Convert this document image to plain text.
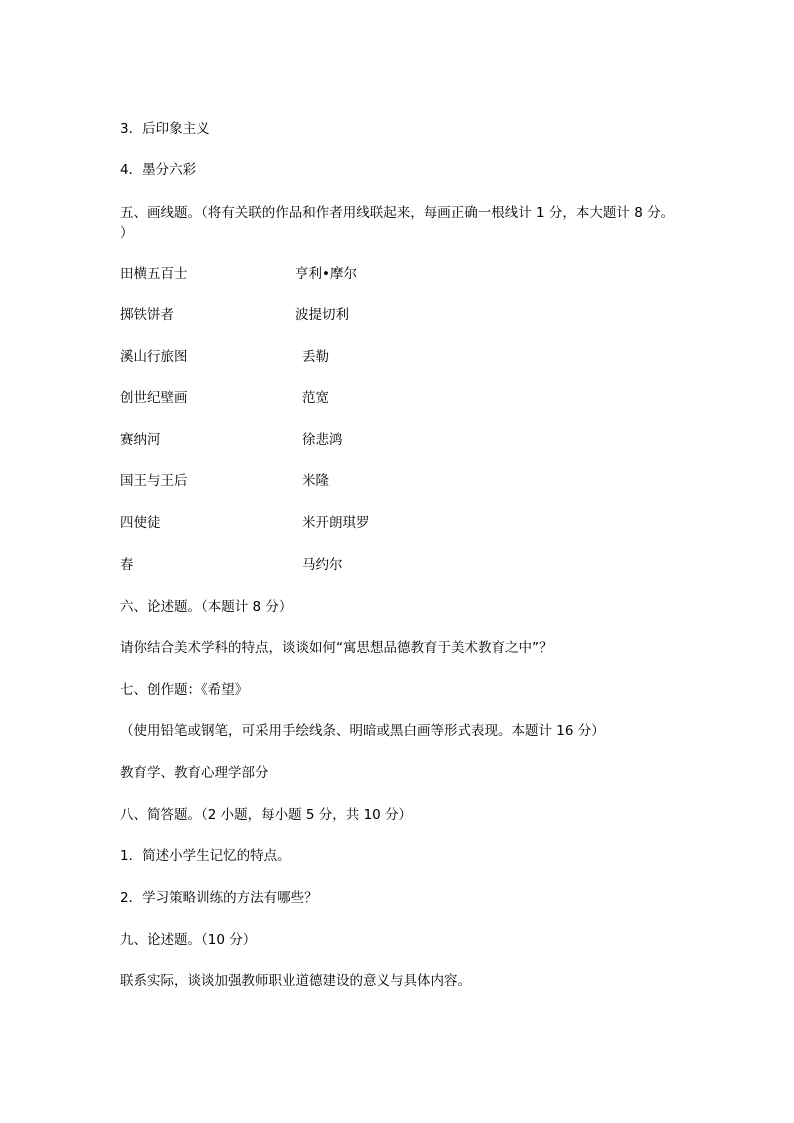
3．后印象主义
4．墨分六彩
五、画线题。（将有关联的作品和作者用线联起来，每画正确一根线计 1 分，本大题计 8 分。
）
田横五百士	亨利•摩尔
掷铁饼者	波提切利
溪山行旅图	丢勒
创世纪壁画	范宽
赛纳河	徐悲鸿
国王与王后	米隆
四使徒	米开朗琪罗
春	马约尔
六、论述题。（本题计 8 分）
请你结合美术学科的特点，谈谈如何“寓思想品德教育于美术教育之中”？
七、创作题：《希望》
（使用铅笔或钢笔，可采用手绘线条、明暗或黑白画等形式表现。本题计 16 分）
教育学、教育心理学部分
八、简答题。（2 小题，每小题 5 分，共 10 分）
1．简述小学生记忆的特点。
2．学习策略训练的方法有哪些？
九、论述题。（10 分）
联系实际，谈谈加强教师职业道德建设的意义与具体内容。
